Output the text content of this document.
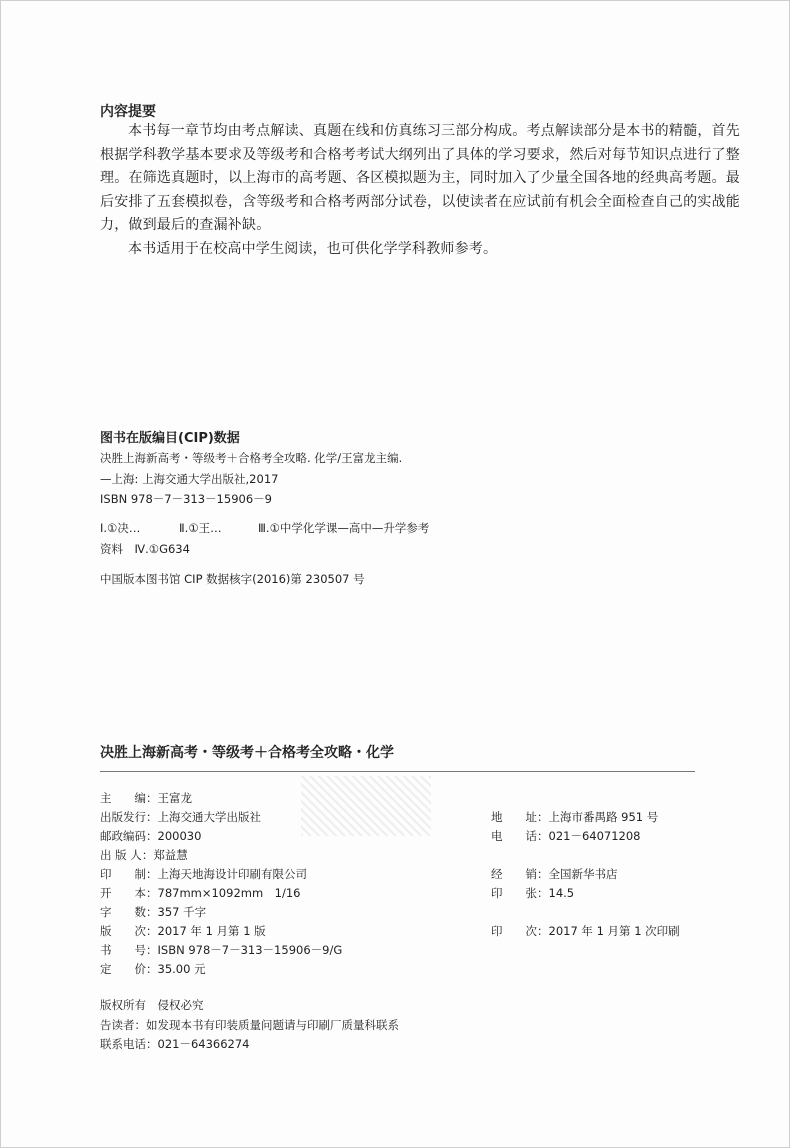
内容提要

本书每一章节均由考点解读、真题在线和仿真练习三部分构成。考点解读部分是本书的精髓，首先根据学科教学基本要求及等级考和合格考考试大纲列出了具体的学习要求，然后对每节知识点进行了整理。在筛选真题时，以上海市的高考题、各区模拟题为主，同时加入了少量全国各地的经典高考题。最后安排了五套模拟卷，含等级考和合格考两部分试卷，以使读者在应试前有机会全面检查自己的实战能力，做到最后的查漏补缺。

本书适用于在校高中学生阅读，也可供化学学科教师参考。

图书在版编目(CIP)数据
决胜上海新高考・等级考＋合格考全攻略. 化学/王富龙主编.
—上海: 上海交通大学出版社,2017
ISBN 978－7－313－15906－9
Ⅰ.①决…	Ⅱ.①王…	Ⅲ.①中学化学课—高中—升学参考
资料　Ⅳ.①G634
中国版本图书馆 CIP 数据核字(2016)第 230507 号
决胜上海新高考・等级考＋合格考全攻略・化学
主　　编：王富龙
出版发行：上海交通大学出版社
邮政编码：200030
出 版 人：郑益慧
印　　制：上海天地海设计印刷有限公司
开　　本：787mm×1092mm　1/16
字　　数：357 千字
版　　次：2017 年 1 月第 1 版
书　　号：ISBN 978－7－313－15906－9/G
定　　价：35.00 元
地　　址：上海市番禺路 951 号
电　　话：021－64071208
经　　销：全国新华书店
印　　张：14.5
印　　次：2017 年 1 月第 1 次印刷
版权所有　侵权必究
告读者：如发现本书有印装质量问题请与印刷厂质量科联系
联系电话：021－64366274
